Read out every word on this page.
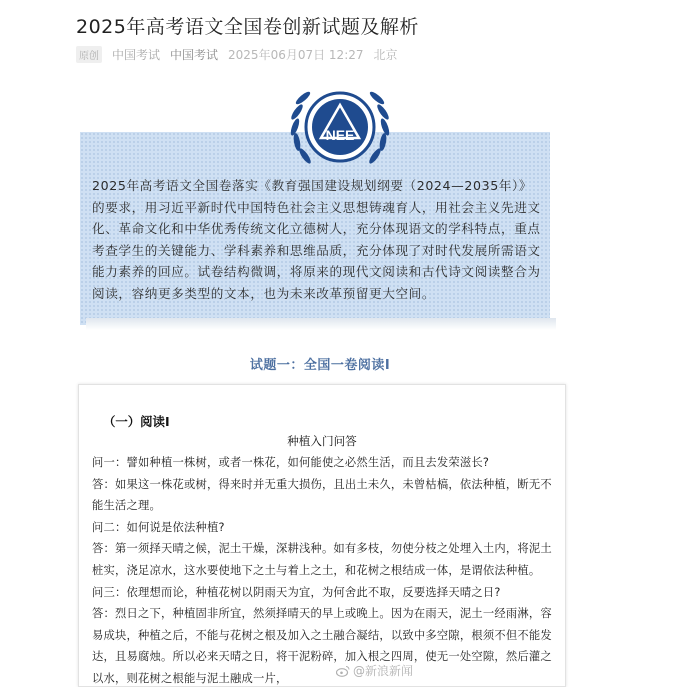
2025年高考语文全国卷创新试题及解析
原创 中国考试 中国考试 2025年06月07日 12:27 北京
NEE
2025年高考语文全国卷落实《教育强国建设规划纲要（2024—2035年）》的要求，用习近平新时代中国特色社会主义思想铸魂育人，用社会主义先进文化、革命文化和中华优秀传统文化立德树人，充分体现语文的学科特点，重点考查学生的关键能力、学科素养和思维品质，充分体现了对时代发展所需语文能力素养的回应。试卷结构微调，将原来的现代文阅读和古代诗文阅读整合为阅读，容纳更多类型的文本，也为未来改革预留更大空间。
试题一：全国一卷阅读Ⅰ
（一）阅读Ⅰ
种植入门问答

问一：譬如种植一株树，或者一株花，如何能使之必然生活，而且去发荣滋长?

答：如果这一株花或树，得来时并无重大损伤，且出土未久，未曾枯槁，依法种植，断无不

能生活之理。

问二：如何说是依法种植?

答：第一须择天晴之候，泥土干燥，深耕浅种。如有多枝，勿使分枝之处埋入土内，将泥土

桩实，浇足凉水，这水要使地下之土与着上之土，和花树之根结成一体，是谓依法种植。

问三：依理想而论，种植花树以阴雨天为宜，为何舍此不取，反要选择天晴之日?

答：烈日之下，种植固非所宜，然须择晴天的早上或晚上。因为在雨天，泥土一经雨淋，容

易成块，种植之后，不能与花树之根及加入之土融合凝结，以致中多空隙，根须不但不能发

达，且易腐烛。所以必来天晴之日，将干泥粉碎，加入根之四周，使无一处空隙，然后灌之

以水，则花树之根能与泥土融成一片，

@新浪新闻
